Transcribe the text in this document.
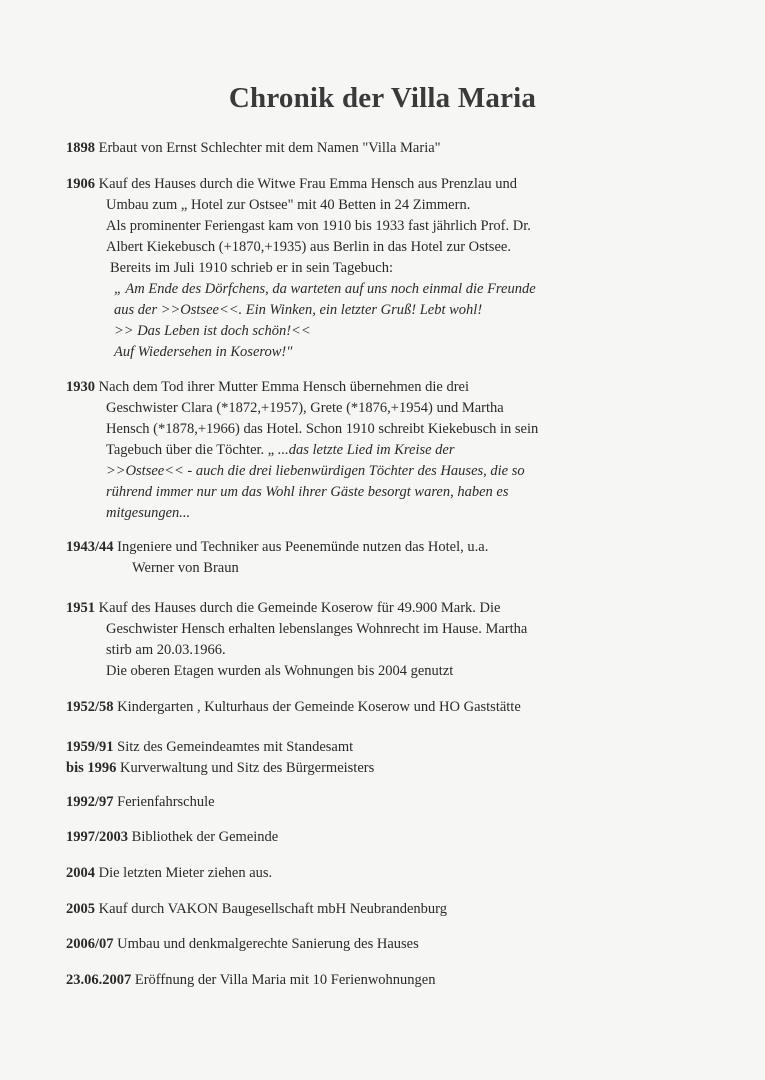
Chronik der Villa Maria
1898 Erbaut von Ernst Schlechter mit dem Namen "Villa Maria"
1906 Kauf des Hauses durch die Witwe Frau Emma Hensch aus Prenzlau und
Umbau zum „ Hotel zur Ostsee" mit 40 Betten in 24 Zimmern.
Als prominenter Feriengast kam von 1910 bis 1933 fast jährlich Prof. Dr.
Albert Kiekebusch (+1870,+1935) aus Berlin in das Hotel zur Ostsee.
Bereits im Juli 1910 schrieb er in sein Tagebuch:
„ Am Ende des Dörfchens, da warteten auf uns noch einmal die Freunde
aus der >>Ostsee<<. Ein Winken, ein letzter Gruß! Lebt wohl!
>> Das Leben ist doch schön!<<
Auf Wiedersehen in Koserow!"
1930 Nach dem Tod ihrer Mutter Emma Hensch übernehmen die drei
Geschwister Clara (*1872,+1957), Grete (*1876,+1954) und Martha
Hensch (*1878,+1966) das Hotel. Schon 1910 schreibt Kiekebusch in sein
Tagebuch über die Töchter. „ ...das letzte Lied im Kreise der
>>Ostsee<< - auch die drei liebenwürdigen Töchter des Hauses, die so
rührend immer nur um das Wohl ihrer Gäste besorgt waren, haben es
mitgesungen...
1943/44 Ingeniere und Techniker aus Peenemünde nutzen das Hotel, u.a.
Werner von Braun
1951 Kauf des Hauses durch die Gemeinde Koserow für 49.900 Mark. Die
Geschwister Hensch erhalten lebenslanges Wohnrecht im Hause. Martha
stirb am 20.03.1966.
Die oberen Etagen wurden als Wohnungen bis 2004 genutzt
1952/58 Kindergarten , Kulturhaus der Gemeinde Koserow und HO Gaststätte
1959/91 Sitz des Gemeindeamtes mit Standesamt
bis 1996 Kurverwaltung und Sitz des Bürgermeisters
1992/97 Ferienfahrschule
1997/2003 Bibliothek der Gemeinde
2004 Die letzten Mieter ziehen aus.
2005 Kauf durch VAKON Baugesellschaft mbH Neubrandenburg
2006/07 Umbau und denkmalgerechte Sanierung des Hauses
23.06.2007 Eröffnung der Villa Maria mit 10 Ferienwohnungen
